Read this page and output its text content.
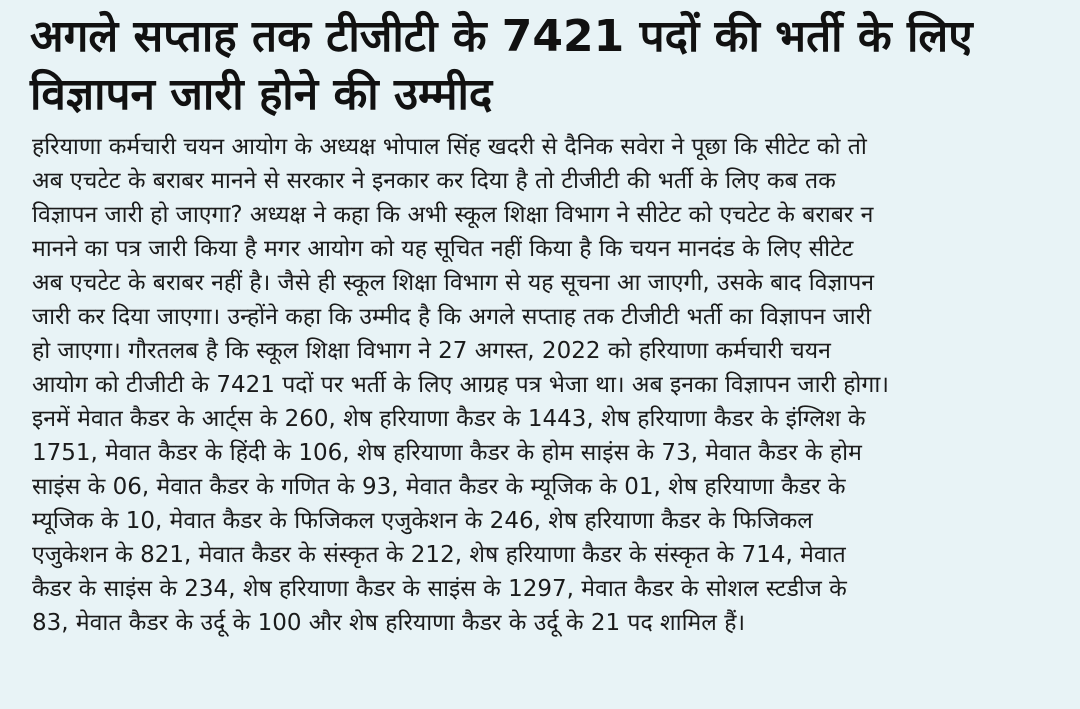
अगले सप्ताह तक टीजीटी के 7421 पदों की भर्ती के लिए
विज्ञापन जारी होने की उम्मीद
हरियाणा कर्मचारी चयन आयोग के अध्यक्ष भोपाल सिंह खदरी से दैनिक सवेरा ने पूछा कि सीटेट को तो
अब एचटेट के बराबर मानने से सरकार ने इनकार कर दिया है तो टीजीटी की भर्ती के लिए कब तक
विज्ञापन जारी हो जाएगा? अध्यक्ष ने कहा कि अभी स्कूल शिक्षा विभाग ने सीटेट को एचटेट के बराबर न
मानने का पत्र जारी किया है मगर आयोग को यह सूचित नहीं किया है कि चयन मानदंड के लिए सीटेट
अब एचटेट के बराबर नहीं है। जैसे ही स्कूल शिक्षा विभाग से यह सूचना आ जाएगी, उसके बाद विज्ञापन
जारी कर दिया जाएगा। उन्होंने कहा कि उम्मीद है कि अगले सप्ताह तक टीजीटी भर्ती का विज्ञापन जारी
हो जाएगा। गौरतलब है कि स्कूल शिक्षा विभाग ने 27 अगस्त, 2022 को हरियाणा कर्मचारी चयन
आयोग को टीजीटी के 7421 पदों पर भर्ती के लिए आग्रह पत्र भेजा था। अब इनका विज्ञापन जारी होगा।
इनमें मेवात कैडर के आर्ट्स के 260, शेष हरियाणा कैडर के 1443, शेष हरियाणा कैडर के इंग्लिश के
1751, मेवात कैडर के हिंदी के 106, शेष हरियाणा कैडर के होम साइंस के 73, मेवात कैडर के होम
साइंस के 06, मेवात कैडर के गणित के 93, मेवात कैडर के म्यूजिक के 01, शेष हरियाणा कैडर के
म्यूजिक के 10, मेवात कैडर के फिजिकल एजुकेशन के 246, शेष हरियाणा कैडर के फिजिकल
एजुकेशन के 821, मेवात कैडर के संस्कृत के 212, शेष हरियाणा कैडर के संस्कृत के 714, मेवात
कैडर के साइंस के 234, शेष हरियाणा कैडर के साइंस के 1297, मेवात कैडर के सोशल स्टडीज के
83, मेवात कैडर के उर्दू के 100 और शेष हरियाणा कैडर के उर्दू के 21 पद शामिल हैं।
